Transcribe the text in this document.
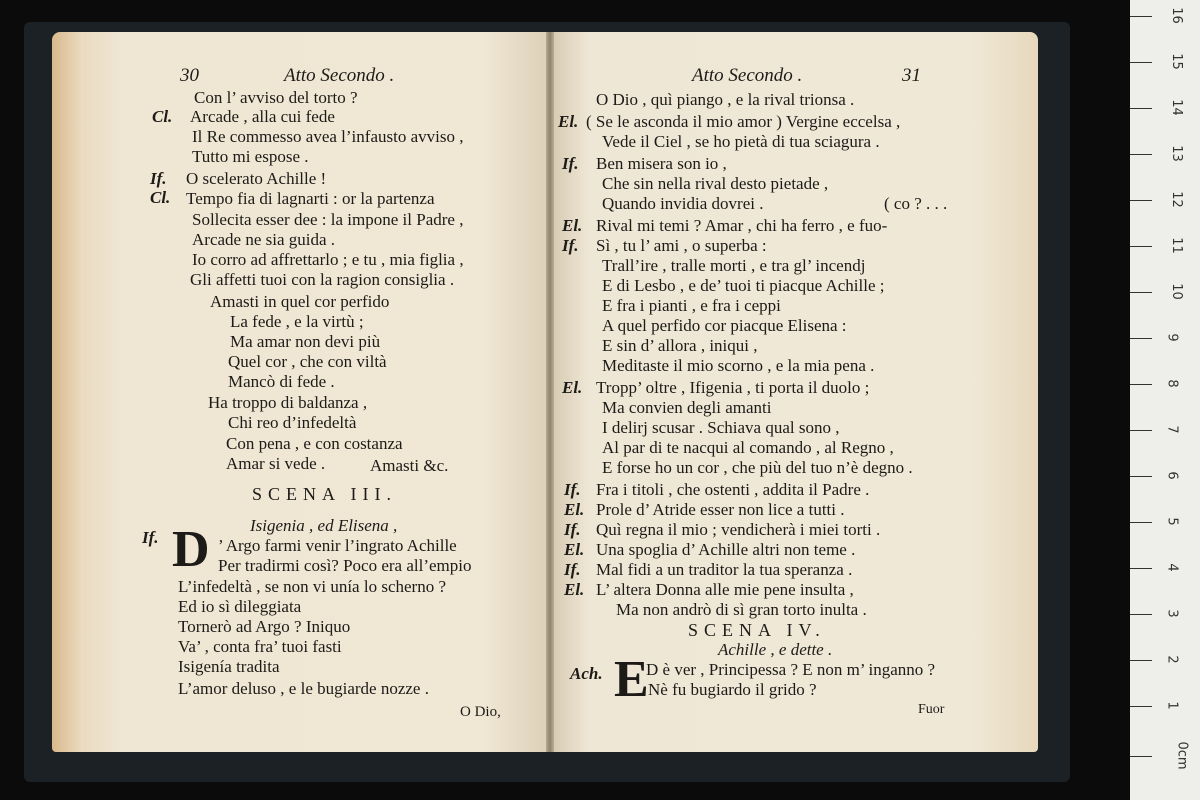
30	Atto Secondo .
Con l’ avviso del torto ?
Cl. Arcade , alla cui fede
Il Re commesso avea l’infausto avviso ,
Tutto mi espose .
If. O scelerato Achille !
Cl. Tempo fia di lagnarti : or la partenza
Sollecita esser dee : la impone il Padre ,
Arcade ne sia guida .
Io corro ad affrettarlo ; e tu , mia figlia ,
Gli affetti tuoi con la ragion consiglia .
Amasti in quel cor perfido
La fede , e la virtù ;
Ma amar non devi più
Quel cor , che con viltà
Mancò di fede .
Ha troppo di baldanza ,
Chi reo d’infedeltà
Con pena , e con costanza
Amar si vede .	Amasti &c.
SCENA III.
Isigenia , ed Elisena ,
If. D ’ Argo farmi venir l’ingrato Achille
Per tradirmi così? Poco era all’empio
L’infedeltà , se non vi unía lo scherno ?
Ed io sì dileggiata
Tornerò ad Argo ? Iniquo
Va’ , conta fra’ tuoi fasti
Isigenía tradita
L’amor deluso , e le bugiarde nozze .
O Dio,
Atto Secondo .	31
O Dio , quì piango , e la rival trionsa .
El. ( Se le asconda il mio amor ) Vergine eccelsa ,
Vede il Ciel , se ho pietà di tua sciagura .
If. Ben misera son io ,
Che sin nella rival desto pietade ,
Quando invidia dovrei .	( co ? . . .
El. Rival mi temi ? Amar , chi ha ferro , e fuo-
If. Sì , tu l’ ami , o superba :
Trall’ire , tralle morti , e tra gl’ incendj
E di Lesbo , e de’ tuoi ti piacque Achille ;
E fra i pianti , e fra i ceppi
A quel perfido cor piacque Elisena :
E sin d’ allora , iniqui ,
Meditaste il mio scorno , e la mia pena .
El. Tropp’ oltre , Ifigenia , ti porta il duolo ;
Ma convien degli amanti
I delirj scusar . Schiava qual sono ,
Al par di te nacqui al comando , al Regno ,
E forse ho un cor , che più del tuo n’è degno .
If. Fra i titoli , che ostenti , addita il Padre .
El. Prole d’ Atride esser non lice a tutti .
If. Quì regna il mio ; vendicherà i miei torti .
El. Una spoglia d’ Achille altri non teme .
If. Mal fidi a un traditor la tua speranza .
El. L’ altera Donna alle mie pene insulta ,
Ma non andrò di sì gran torto inulta .
SCENA IV.
Achille , e dette .
Ach. E
D è ver , Principessa ? E non m’ inganno ?
Nè fu bugiardo il grido ?
Fuor
16
15
14
13
12
11
10
9
8
7
6
5
4
3
2
1
0cm
